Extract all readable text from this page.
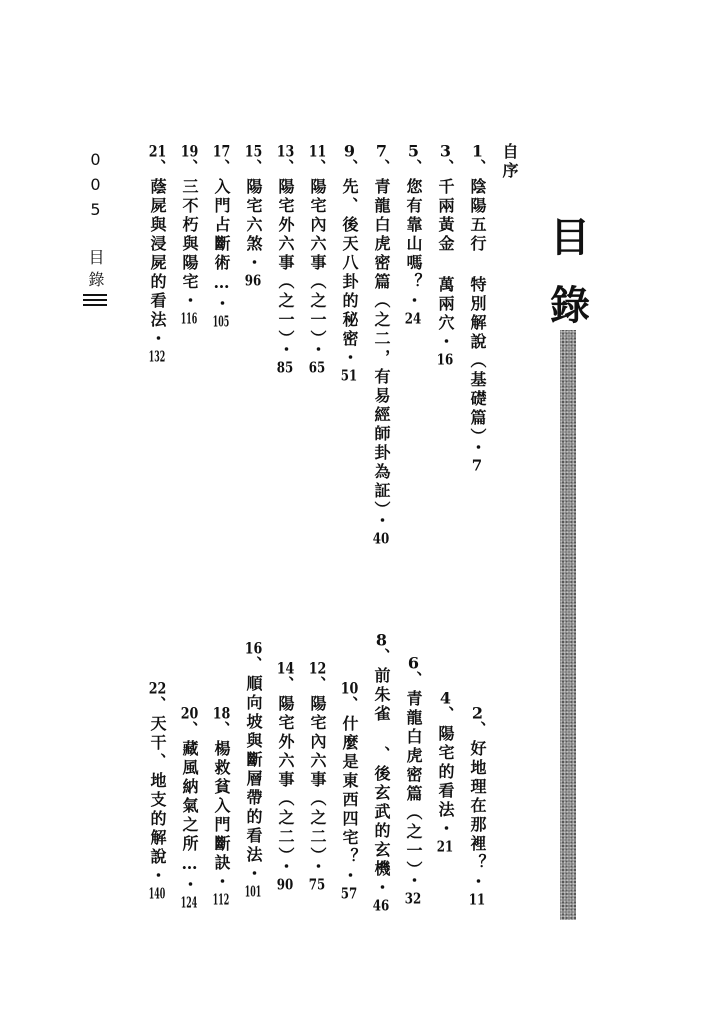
目
錄
自序
1、陰陽五行 特別解說（基礎篇）・7
3、千兩黃金 萬兩穴・16
5、您有靠山嗎？・24
7、青龍白虎密篇（之二，有易經師卦為証）・40
9、先、後天八卦的秘密・51
11、陽宅內六事（之一）・65
13、陽宅外六事（之一）・85
15、陽宅六煞・96
17、入門占斷術…・105
19、三不朽與陽宅・116
21、蔭屍與浸屍的看法・132
2、好地理在那裡？・11
4、陽宅的看法・21
6、青龍白虎密篇（之一）・32
8、前朱雀 、後玄武的玄機・46
10、什麼是東西四宅？・57
12、陽宅內六事（之二）・75
14、陽宅外六事（之二）・90
16、順向坡與斷層帶的看法・101
18、楊救貧入門斷訣・112
20、藏風納氣之所…・124
22、天干、地支的解說・140
005目錄
